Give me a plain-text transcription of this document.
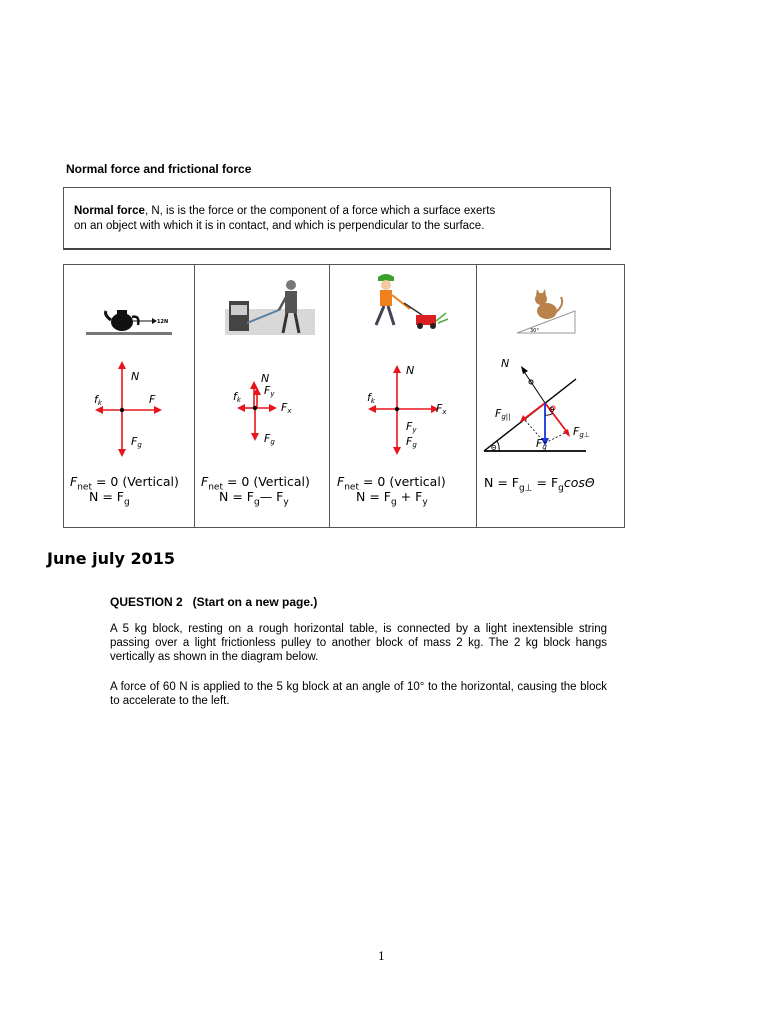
Normal force and frictional force

Normal force, N, is is the force or the component of a force which a surface exerts
on an object with which it is in contact, and which is perpendicular to the surface.

12N
N
fk	F
Fg
$F_{net} = 0$ (Vertical)
$N = F_g$
N
Fy
fk
Fx
Fg
$F_{net} = 0$ (Vertical)
$N = F_g—$ $F_y$
N
fk
Fx
Fy
Fg
$F_{net} = 0$ (vertical)
$N = F_g + F_y$
30°
N
Fg||
Fg⊥
Fg
Θ
Θ
$N = F_{g\perp} = F_g\cos\Theta$
June july 2015
QUESTION 2   (Start on a new page.)

A 5 kg block, resting on a rough horizontal table, is connected by a light inextensible string passing over a light frictionless pulley to another block of mass 2 kg. The 2 kg block hangs vertically as shown in the diagram below.

A force of 60 N is applied to the 5 kg block at an angle of 10° to the horizontal, causing the block to accelerate to the left.

1
